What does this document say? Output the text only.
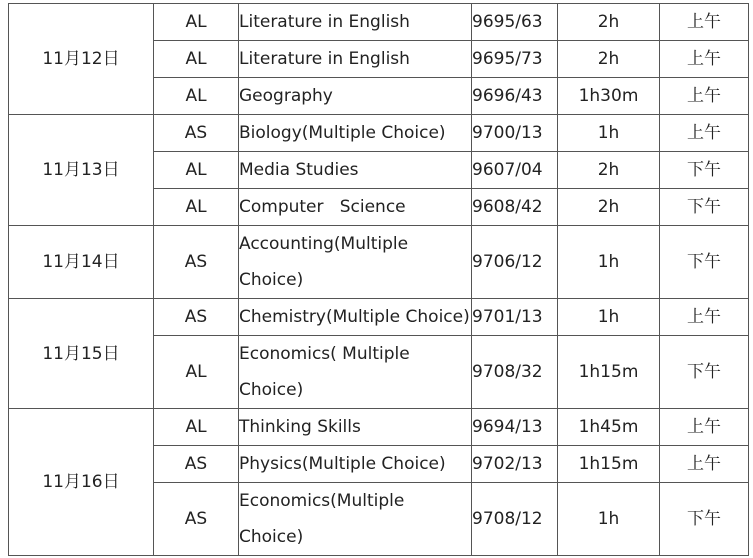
11月12日	AL	Literature in English	9695/63	2h	上午
	AL	Literature in English	9695/73	2h	上午
	AL	Geography	9696/43	1h30m	上午
11月13日	AS	Biology(Multiple Choice)	9700/13	1h	上午
	AL	Media Studies	9607/04	2h	下午
	AL	Computer   Science	9608/42	2h	下午
11月14日	AS	Accounting(Multiple Choice)	9706/12	1h	下午
11月15日	AS	Chemistry(Multiple Choice)	9701/13	1h	上午
	AL	Economics( Multiple Choice)	9708/32	1h15m	下午
11月16日	AL	Thinking Skills	9694/13	1h45m	上午
	AS	Physics(Multiple Choice)	9702/13	1h15m	上午
	AS	Economics(Multiple Choice)	9708/12	1h	下午
